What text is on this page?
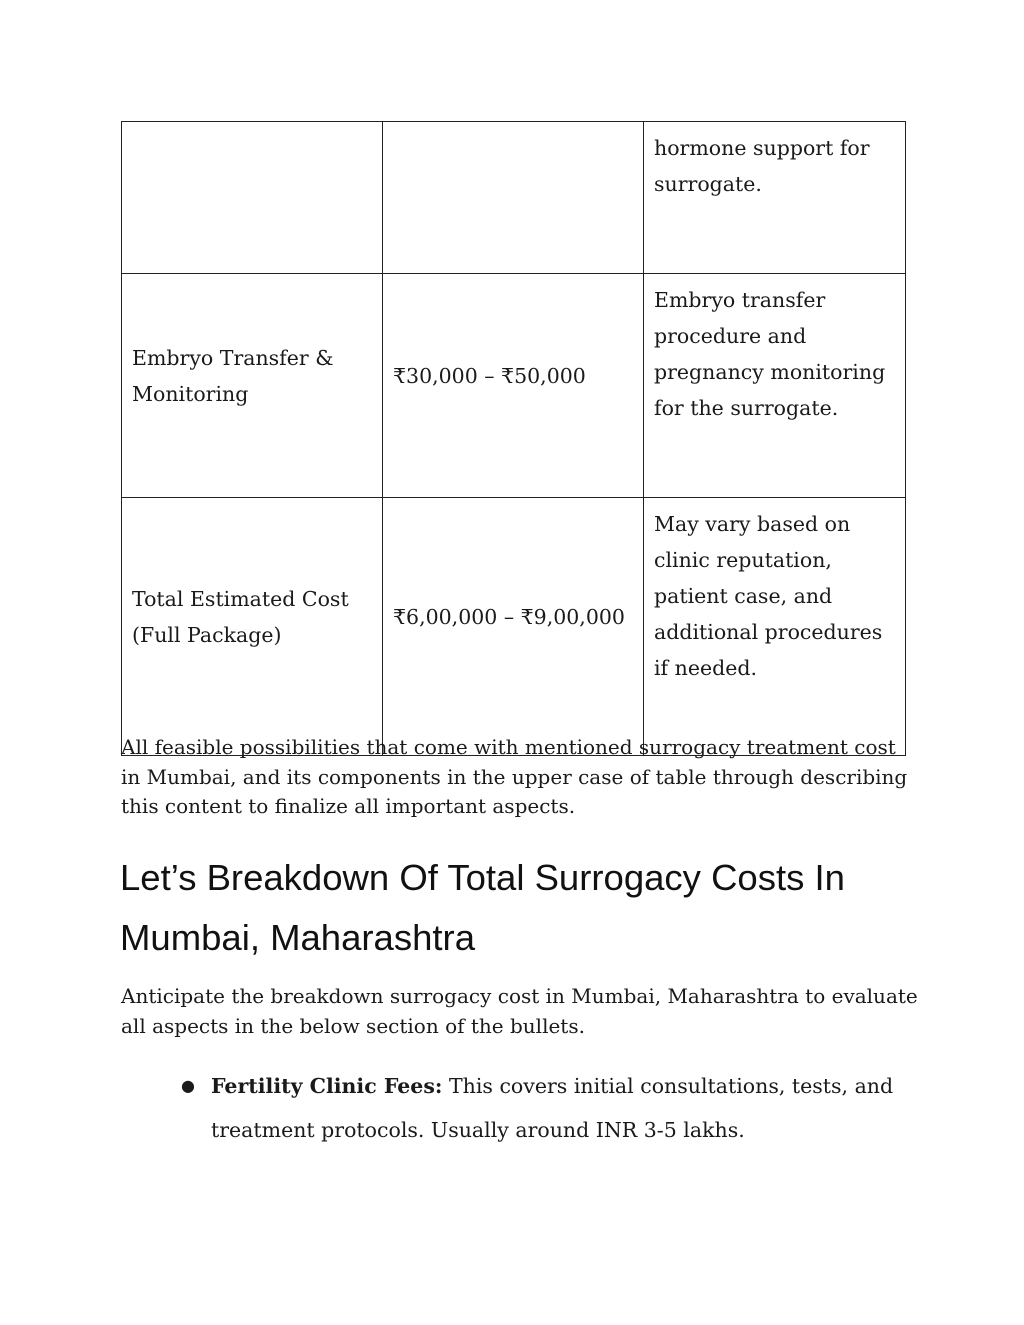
		hormone support for surrogate.

Embryo Transfer & Monitoring	₹30,000 – ₹50,000	Embryo transfer procedure and pregnancy monitoring for the surrogate.

Total Estimated Cost (Full Package)	₹6,00,000 – ₹9,00,000	May vary based on clinic reputation, patient case, and additional procedures if needed.

All feasible possibilities that come with mentioned surrogacy treatment cost in Mumbai, and its components in the upper case of table through describing this content to finalize all important aspects.

Let’s Breakdown Of Total Surrogacy Costs In Mumbai, Maharashtra

Anticipate the breakdown surrogacy cost in Mumbai, Maharashtra to evaluate all aspects in the below section of the bullets.

● Fertility Clinic Fees: This covers initial consultations, tests, and treatment protocols. Usually around INR 3-5 lakhs.
